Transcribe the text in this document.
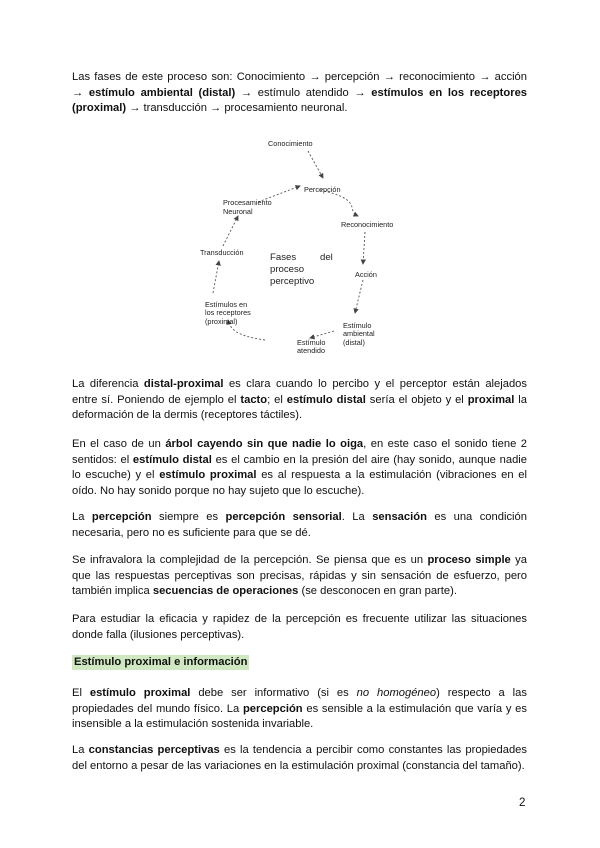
Las fases de este proceso son: Conocimiento → percepción → reconocimiento → acción → estímulo ambiental (distal) → estímulo atendido → estímulos en los receptores (proximal) → transducción → procesamiento neuronal.

Conocimiento
Percepción
Reconocimiento
Acción
Estímulo
ambiental
(distal)
Estímulo
atendido
Estímulos en
los receptores
(proximal)
Transducción
Procesamiento
Neuronal
Fases del
proceso
perceptivo

La diferencia distal-proximal es clara cuando lo percibo y el perceptor están alejados entre sí. Poniendo de ejemplo el tacto; el estímulo distal sería el objeto y el proximal la deformación de la dermis (receptores táctiles).

En el caso de un árbol cayendo sin que nadie lo oiga, en este caso el sonido tiene 2 sentidos: el estímulo distal es el cambio en la presión del aire (hay sonido, aunque nadie lo escuche) y el estímulo proximal es al respuesta a la estimulación (vibraciones en el oído. No hay sonido porque no hay sujeto que lo escuche).

La percepción siempre es percepción sensorial. La sensación es una condición necesaria, pero no es suficiente para que se dé.

Se infravalora la complejidad de la percepción. Se piensa que es un proceso simple ya que las respuestas perceptivas son precisas, rápidas y sin sensación de esfuerzo, pero también implica secuencias de operaciones (se desconocen en gran parte).

Para estudiar la eficacia y rapidez de la percepción es frecuente utilizar las situaciones donde falla (ilusiones perceptivas).

Estímulo proximal e información

El estímulo proximal debe ser informativo (si es no homogéneo) respecto a las propiedades del mundo físico. La percepción es sensible a la estimulación que varía y es insensible a la estimulación sostenida invariable.

La constancias perceptivas es la tendencia a percibir como constantes las propiedades del entorno a pesar de las variaciones en la estimulación proximal (constancia del tamaño).

2
